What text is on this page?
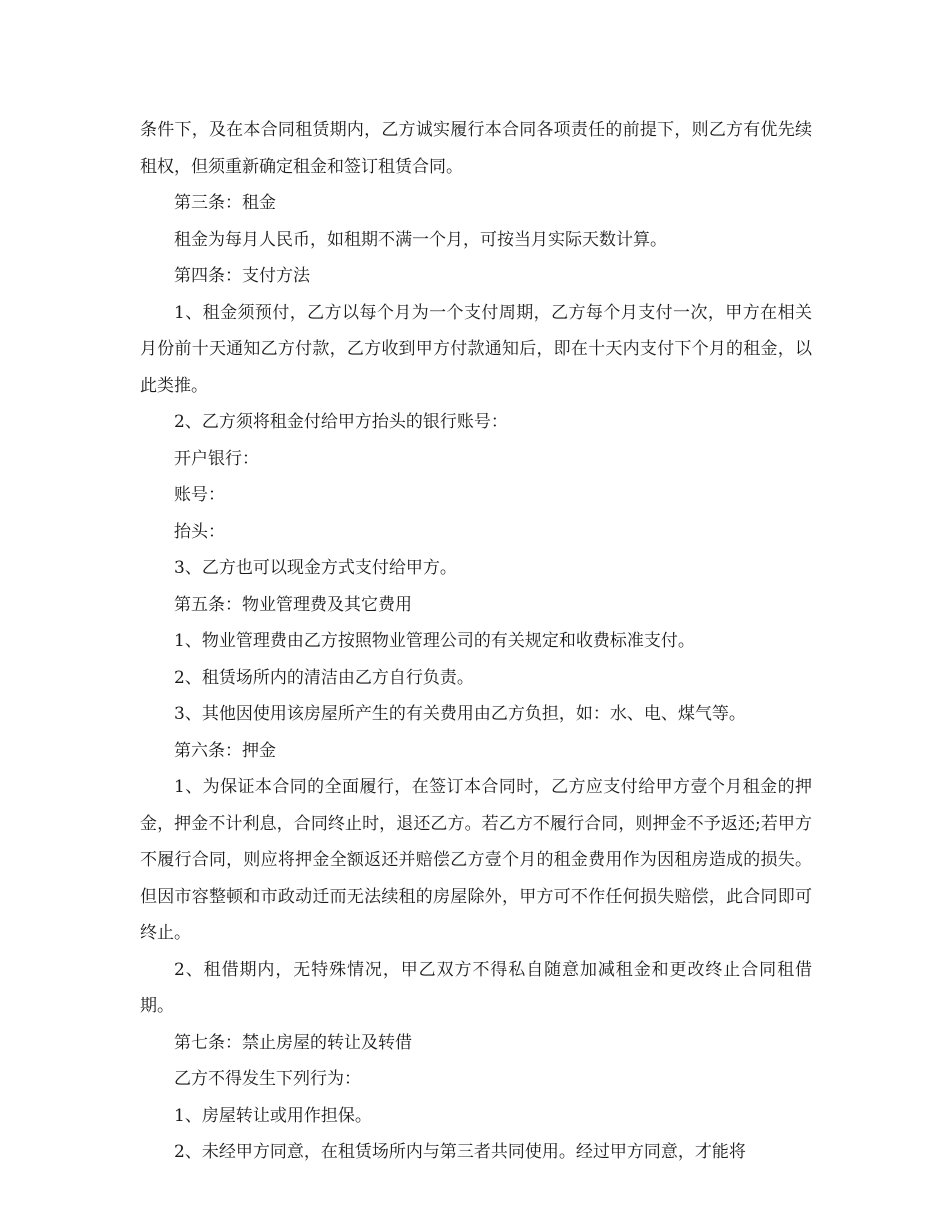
条件下，及在本合同租赁期内，乙方诚实履行本合同各项责任的前提下，则乙方有优先续租权，但须重新确定租金和签订租赁合同。

第三条：租金

租金为每月人民币，如租期不满一个月，可按当月实际天数计算。

第四条：支付方法

1、租金须预付，乙方以每个月为一个支付周期，乙方每个月支付一次，甲方在相关月份前十天通知乙方付款，乙方收到甲方付款通知后，即在十天内支付下个月的租金，以此类推。

2、乙方须将租金付给甲方抬头的银行账号：

开户银行：

账号：

抬头：

3、乙方也可以现金方式支付给甲方。

第五条：物业管理费及其它费用

1、物业管理费由乙方按照物业管理公司的有关规定和收费标准支付。

2、租赁场所内的清洁由乙方自行负责。

3、其他因使用该房屋所产生的有关费用由乙方负担，如：水、电、煤气等。

第六条：押金

1、为保证本合同的全面履行，在签订本合同时，乙方应支付给甲方壹个月租金的押金，押金不计利息，合同终止时，退还乙方。若乙方不履行合同，则押金不予返还;若甲方不履行合同，则应将押金全额返还并赔偿乙方壹个月的租金费用作为因租房造成的损失。但因市容整顿和市政动迁而无法续租的房屋除外，甲方可不作任何损失赔偿，此合同即可终止。

2、租借期内，无特殊情况，甲乙双方不得私自随意加减租金和更改终止合同租借期。

第七条：禁止房屋的转让及转借

乙方不得发生下列行为：

1、房屋转让或用作担保。

2、未经甲方同意，在租赁场所内与第三者共同使用。经过甲方同意，才能将
